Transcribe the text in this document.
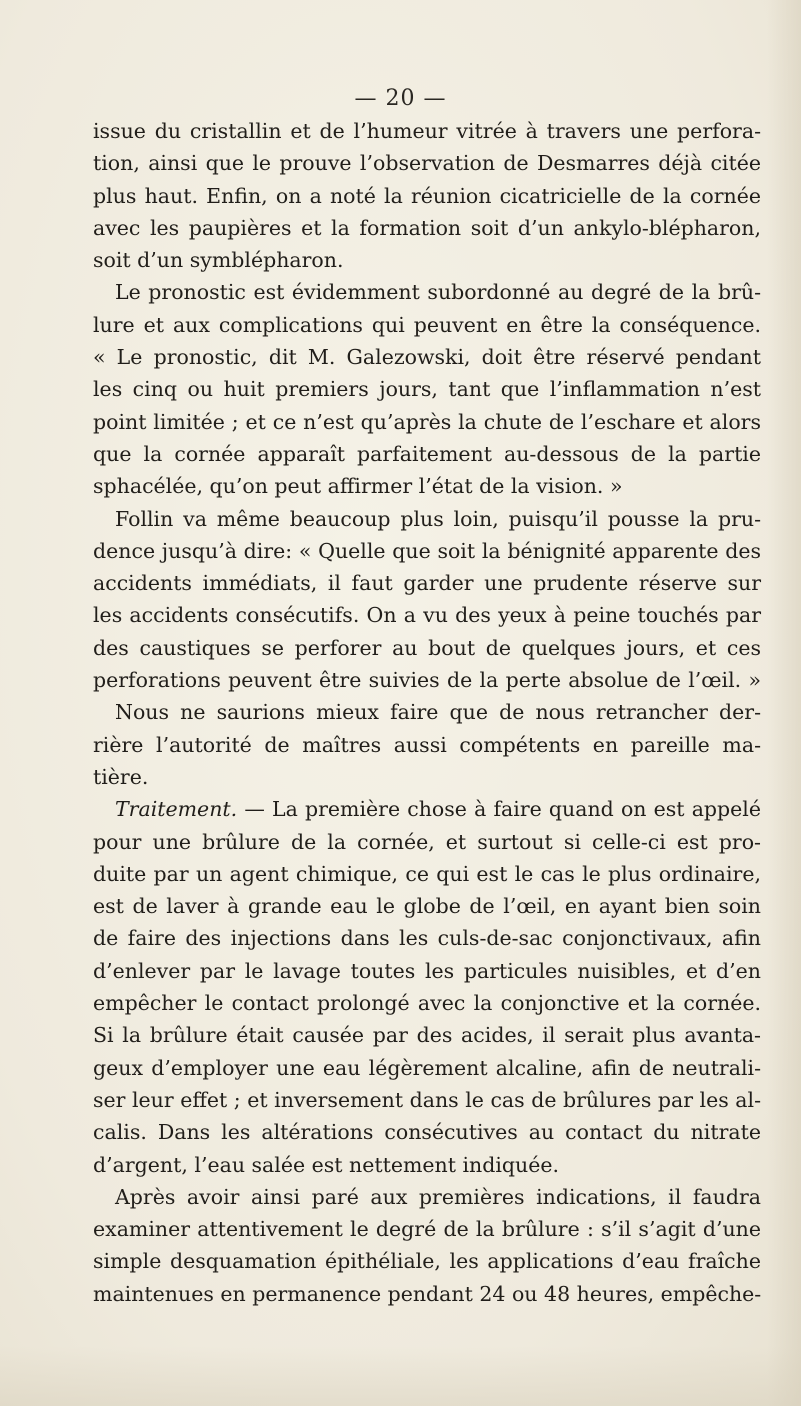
— 20 —
issue du cristallin et de l’humeur vitrée à travers une perfora-
tion, ainsi que le prouve l’observation de Desmarres déjà citée
plus haut. Enfin, on a noté la réunion cicatricielle de la cornée
avec les paupières et la formation soit d’un ankylo-blépharon,
soit d’un symblépharon.
Le pronostic est évidemment subordonné au degré de la brû-
lure et aux complications qui peuvent en être la conséquence.
« Le pronostic, dit M. Galezowski, doit être réservé pendant
les cinq ou huit premiers jours, tant que l’inflammation n’est
point limitée ; et ce n’est qu’après la chute de l’eschare et alors
que la cornée apparaît parfaitement au-dessous de la partie
sphacélée, qu’on peut affirmer l’état de la vision. »
Follin va même beaucoup plus loin, puisqu’il pousse la pru-
dence jusqu’à dire: « Quelle que soit la bénignité apparente des
accidents immédiats, il faut garder une prudente réserve sur
les accidents consécutifs. On a vu des yeux à peine touchés par
des caustiques se perforer au bout de quelques jours, et ces
perforations peuvent être suivies de la perte absolue de l’œil. »
Nous ne saurions mieux faire que de nous retrancher der-
rière l’autorité de maîtres aussi compétents en pareille ma-
tière.
Traitement. — La première chose à faire quand on est appelé
pour une brûlure de la cornée, et surtout si celle-ci est pro-
duite par un agent chimique, ce qui est le cas le plus ordinaire,
est de laver à grande eau le globe de l’œil, en ayant bien soin
de faire des injections dans les culs-de-sac conjonctivaux, afin
d’enlever par le lavage toutes les particules nuisibles, et d’en
empêcher le contact prolongé avec la conjonctive et la cornée.
Si la brûlure était causée par des acides, il serait plus avanta-
geux d’employer une eau légèrement alcaline, afin de neutrali-
ser leur effet ; et inversement dans le cas de brûlures par les al-
calis. Dans les altérations consécutives au contact du nitrate
d’argent, l’eau salée est nettement indiquée.
Après avoir ainsi paré aux premières indications, il faudra
examiner attentivement le degré de la brûlure : s’il s’agit d’une
simple desquamation épithéliale, les applications d’eau fraîche
maintenues en permanence pendant 24 ou 48 heures, empêche-
